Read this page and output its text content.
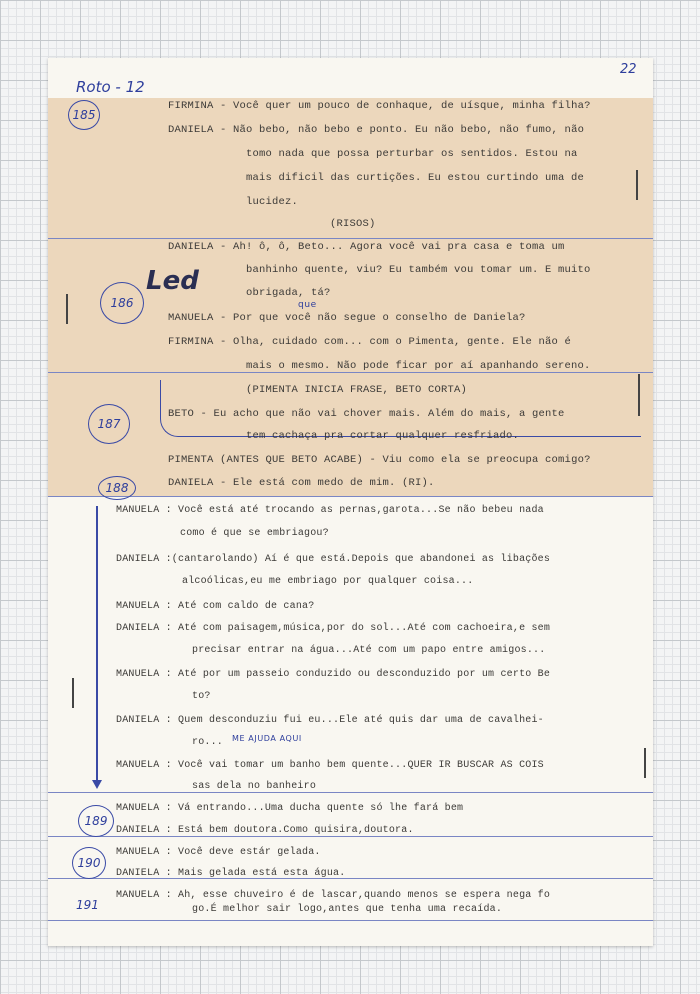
Roto - 12
22
185
186
187
188
189
190
191
Led
ME AJUDA AQUI
que
FIRMINA - Você quer um pouco de conhaque, de uísque, minha filha?
DANIELA - Não bebo, não bebo e ponto. Eu não bebo, não fumo, não
tomo nada que possa perturbar os sentidos. Estou na
mais dificil das curtições. Eu estou curtindo uma de
lucidez.
(RISOS)
DANIELA - Ah! ô, ô, Beto... Agora você vai pra casa e toma um
banhinho quente, viu? Eu também vou tomar um. E muito
obrigada, tá?
MANUELA - Por que você não segue o conselho de Daniela?
FIRMINA - Olha, cuidado com... com o Pimenta, gente. Ele não é
mais o mesmo. Não pode ficar por aí apanhando sereno.
(PIMENTA INICIA FRASE, BETO CORTA)
BETO - Eu acho que não vai chover mais. Além do mais, a gente
tem cachaça pra cortar qualquer resfriado.
PIMENTA (ANTES QUE BETO ACABE) - Viu como ela se preocupa comigo?
DANIELA - Ele está com medo de mim. (RI).
MANUELA : Você está até trocando as pernas,garota...Se não bebeu nada
como é que se embriagou?
DANIELA :(cantarolando) Aí é que está.Depois que abandonei as libações
alcoólicas,eu me embriago por qualquer coisa...
MANUELA : Até com caldo de cana?
DANIELA : Até com paisagem,música,por do sol...Até com cachoeira,e sem
precisar entrar na água...Até com um papo entre amigos...
MANUELA : Até por um passeio conduzido ou desconduzido por um certo Be
to?
DANIELA : Quem desconduziu fui eu...Ele até quis dar uma de cavalhei-
ro...
MANUELA : Você vai tomar um banho bem quente...QUER IR BUSCAR AS COIS
sas dela no banheiro
MANUELA : Vá entrando...Uma ducha quente só lhe fará bem
DANIELA : Está bem doutora.Como quisira,doutora.
MANUELA : Você deve estár gelada.
DANIELA : Mais gelada está esta água.
MANUELA : Ah, esse chuveiro é de lascar,quando menos se espera nega fo
go.É melhor sair logo,antes que tenha uma recaída.
